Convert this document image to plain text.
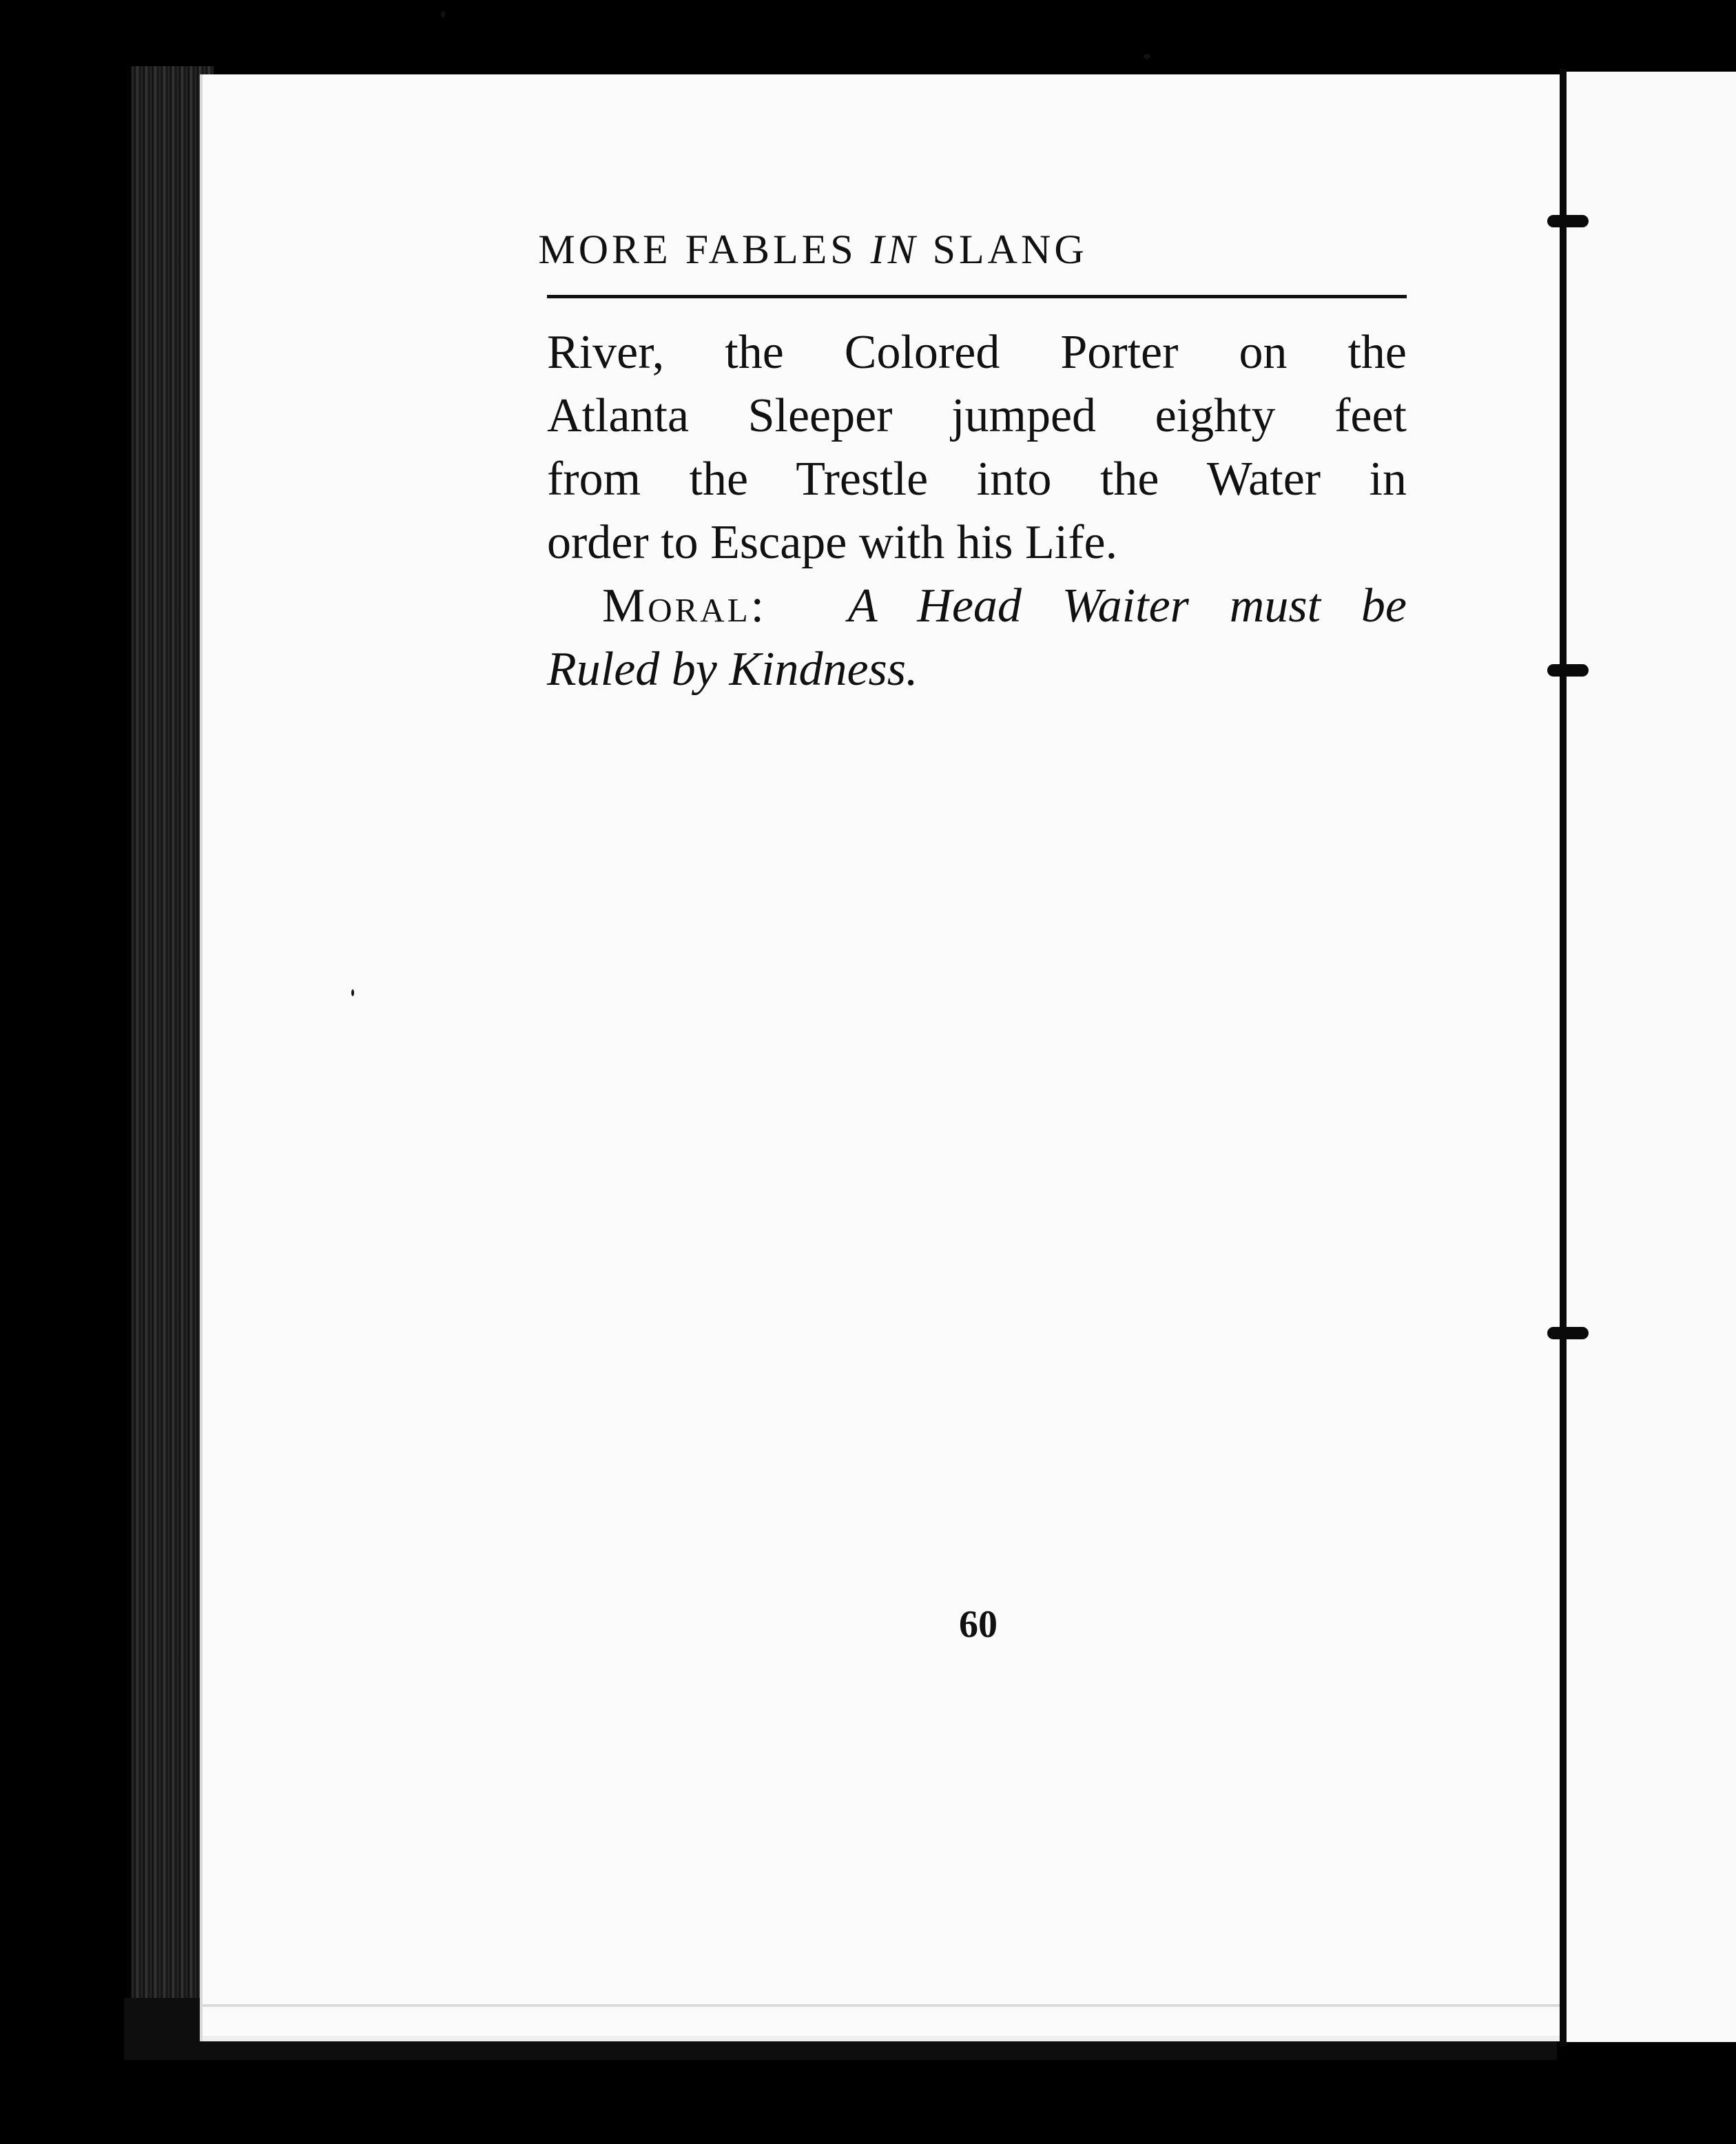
MORE FABLES IN SLANG
River, the Colored Porter on the
Atlanta Sleeper jumped eighty feet
from the Trestle into the Water in
order to Escape with his Life.
Moral: A Head Waiter must be
Ruled by Kindness.
60
